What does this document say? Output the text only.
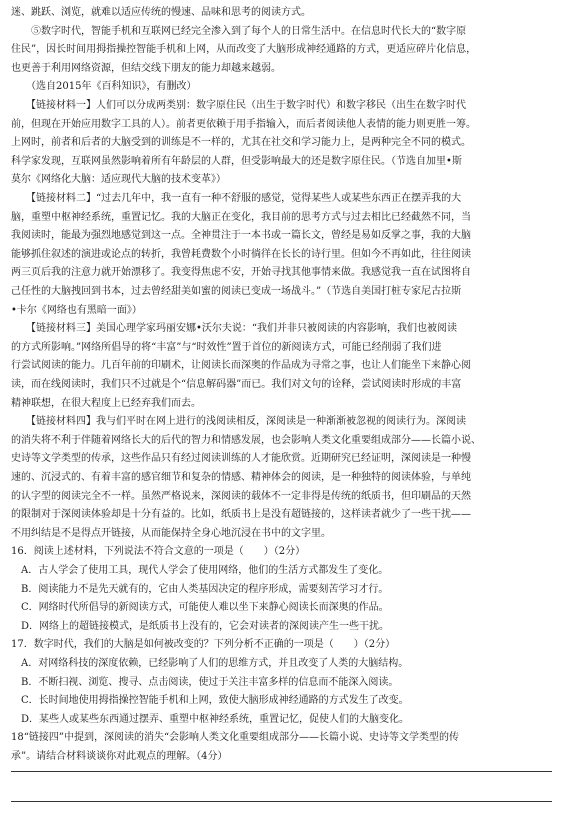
迷、跳跃、浏览，就难以适应传统的慢速、品味和思考的阅读方式。
　　⑤数字时代，智能手机和互联网已经完全渗入到了每个人的日常生活中。在信息时代长大的“数字原
住民”，因长时间用拇指操控智能手机和上网，从而改变了大脑形成神经通路的方式，更适应碎片化信息，
也更善于利用网络资源，但结交线下朋友的能力却越来越弱。
　　（选自2015年《百科知识》，有删改）
　　【链接材料一】人们可以分成两类别：数字原住民（出生于数字时代）和数字移民（出生在数字时代
前，但现在开始应用数字工具的人）。前者更依赖于用手指输入，而后者阅读他人表情的能力则更胜一筹。
上网时，前者和后者的大脑受到的训练是不一样的，尤其在社交和学习能力上，是两种完全不同的模式。
科学家发现，互联网虽然影响着所有年龄层的人群，但受影响最大的还是数字原住民。（节选自加里•斯
莫尔《网络化大脑：适应现代大脑的技术变革》）
　　【链接材料二】“过去几年中，我一直有一种不舒服的感觉，觉得某些人或某些东西正在摆弄我的大
脑，重塑中枢神经系统，重置记忆。我的大脑正在变化，我目前的思考方式与过去相比已经截然不同，当
我阅读时，能最为强烈地感觉到这一点。全神贯注于一本书或一篇长文，曾经是易如反掌之事，我的大脑
能够抓住叙述的演进或论点的转折，我曾耗费数个小时徜徉在长长的诗行里。但如今不再如此，往往阅读
两三页后我的注意力就开始漂移了。我变得焦虑不安，开始寻找其他事情来做。我感觉我一直在试图将自
己任性的大脑拽回到书本，过去曾经甜美如蜜的阅读已变成一场战斗。”（节选自美国打桩专家尼古拉斯
•卡尔《网络也有黑暗一面》）
　　【链接材料三】美国心理学家玛丽安娜•沃尔夫说：“我们并非只被阅读的内容影响，我们也被阅读
的方式所影响。”网络所倡导的将“丰富”与“时效性”置于首位的新阅读方式，可能已经削弱了我们进
行尝试阅读的能力。几百年前的印刷术，让阅读长而深奥的作品成为寻常之事，也让人们能坐下来静心阅
读，而在线阅读时，我们只不过就是个“信息解码器”而已。我们对文句的诠释，尝试阅读时形成的丰富
精神联想，在很大程度上已经弃我们而去。
　　【链接材料四】我与们平时在网上进行的浅阅读相反，深阅读是一种渐渐被忽视的阅读行为。深阅读
的消失将不利于伴随着网络长大的后代的智力和情感发展，也会影响人类文化重要组成部分——长篇小说、
史诗等文学类型的传承，这些作品只有经过阅读训练的人才能欣赏。近期研究已经证明，深阅读是一种慢
速的、沉浸式的、有着丰富的感官细节和复杂的情感、精神体会的阅读，是一种独特的阅读体验，与单纯
的认字型的阅读完全不一样。虽然严格说来，深阅读的载体不一定非得是传统的纸质书，但印刷品的天然
的限制对于深阅读体验却是十分有益的。比如，纸质书上是没有超链接的，这样读者就少了一些干扰——
不用纠结是不是得点开链接，从而能保持全身心地沉浸在书中的文字里。
16．阅读上述材料，下列说法不符合文意的一项是（　　）（2分）
　A．古人学会了使用工具，现代人学会了使用网络，他们的生活方式都发生了变化。
　B．阅读能力不是先天就有的，它由人类基因决定的程序形成，需要刻苦学习才行。
　C．网络时代所倡导的新阅读方式，可能使人难以坐下来静心阅读长而深奥的作品。
　D．网络上的超链接模式，是纸质书上没有的，它会对读者的深阅读产生一些干扰。
17．数字时代，我们的大脑是如何被改变的？下列分析不正确的一项是（　　）（2分）
　A．对网络科技的深度依赖，已经影响了人们的思维方式，并且改变了人类的大脑结构。
　B．不断扫视、浏览、搜寻、点击阅读，使过于关注丰富多样的信息而不能深入阅读。
　C．长时间地使用拇指操控智能手机和上网，致使大脑形成神经通路的方式发生了改变。
　D．某些人或某些东西通过摆弄、重塑中枢神经系统，重置记忆，促使人们的大脑变化。
18“链接四”中提到，深阅读的消失“会影响人类文化重要组成部分——长篇小说、史诗等文学类型的传
承”。请结合材料谈谈你对此观点的理解。（4分）
